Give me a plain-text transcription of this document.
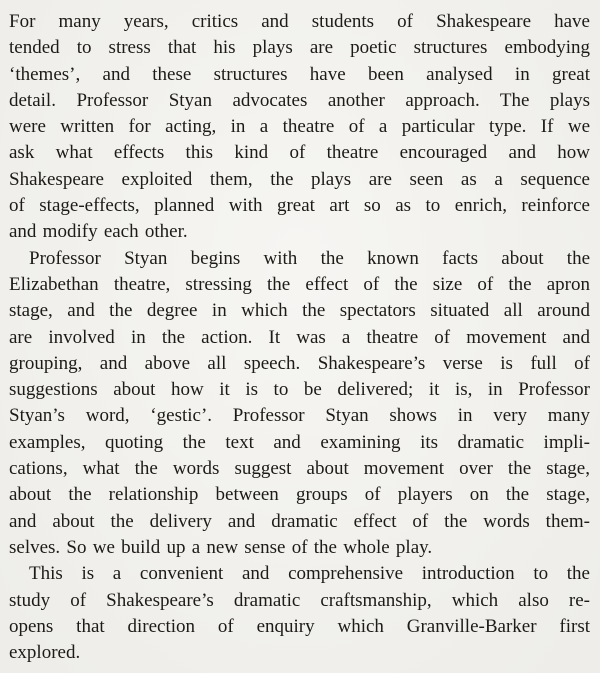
For many years, critics and students of Shakespeare have
tended to stress that his plays are poetic structures embodying
‘themes’, and these structures have been analysed in great
detail. Professor Styan advocates another approach. The plays
were written for acting, in a theatre of a particular type. If we
ask what effects this kind of theatre encouraged and how
Shakespeare exploited them, the plays are seen as a sequence
of stage-effects, planned with great art so as to enrich, reinforce
and modify each other.
Professor Styan begins with the known facts about the
Elizabethan theatre, stressing the effect of the size of the apron
stage, and the degree in which the spectators situated all around
are involved in the action. It was a theatre of movement and
grouping, and above all speech. Shakespeare’s verse is full of
suggestions about how it is to be delivered; it is, in Professor
Styan’s word, ‘gestic’. Professor Styan shows in very many
examples, quoting the text and examining its dramatic impli-
cations, what the words suggest about movement over the stage,
about the relationship between groups of players on the stage,
and about the delivery and dramatic effect of the words them-
selves. So we build up a new sense of the whole play.
This is a convenient and comprehensive introduction to the
study of Shakespeare’s dramatic craftsmanship, which also re-
opens that direction of enquiry which Granville-Barker first
explored.
